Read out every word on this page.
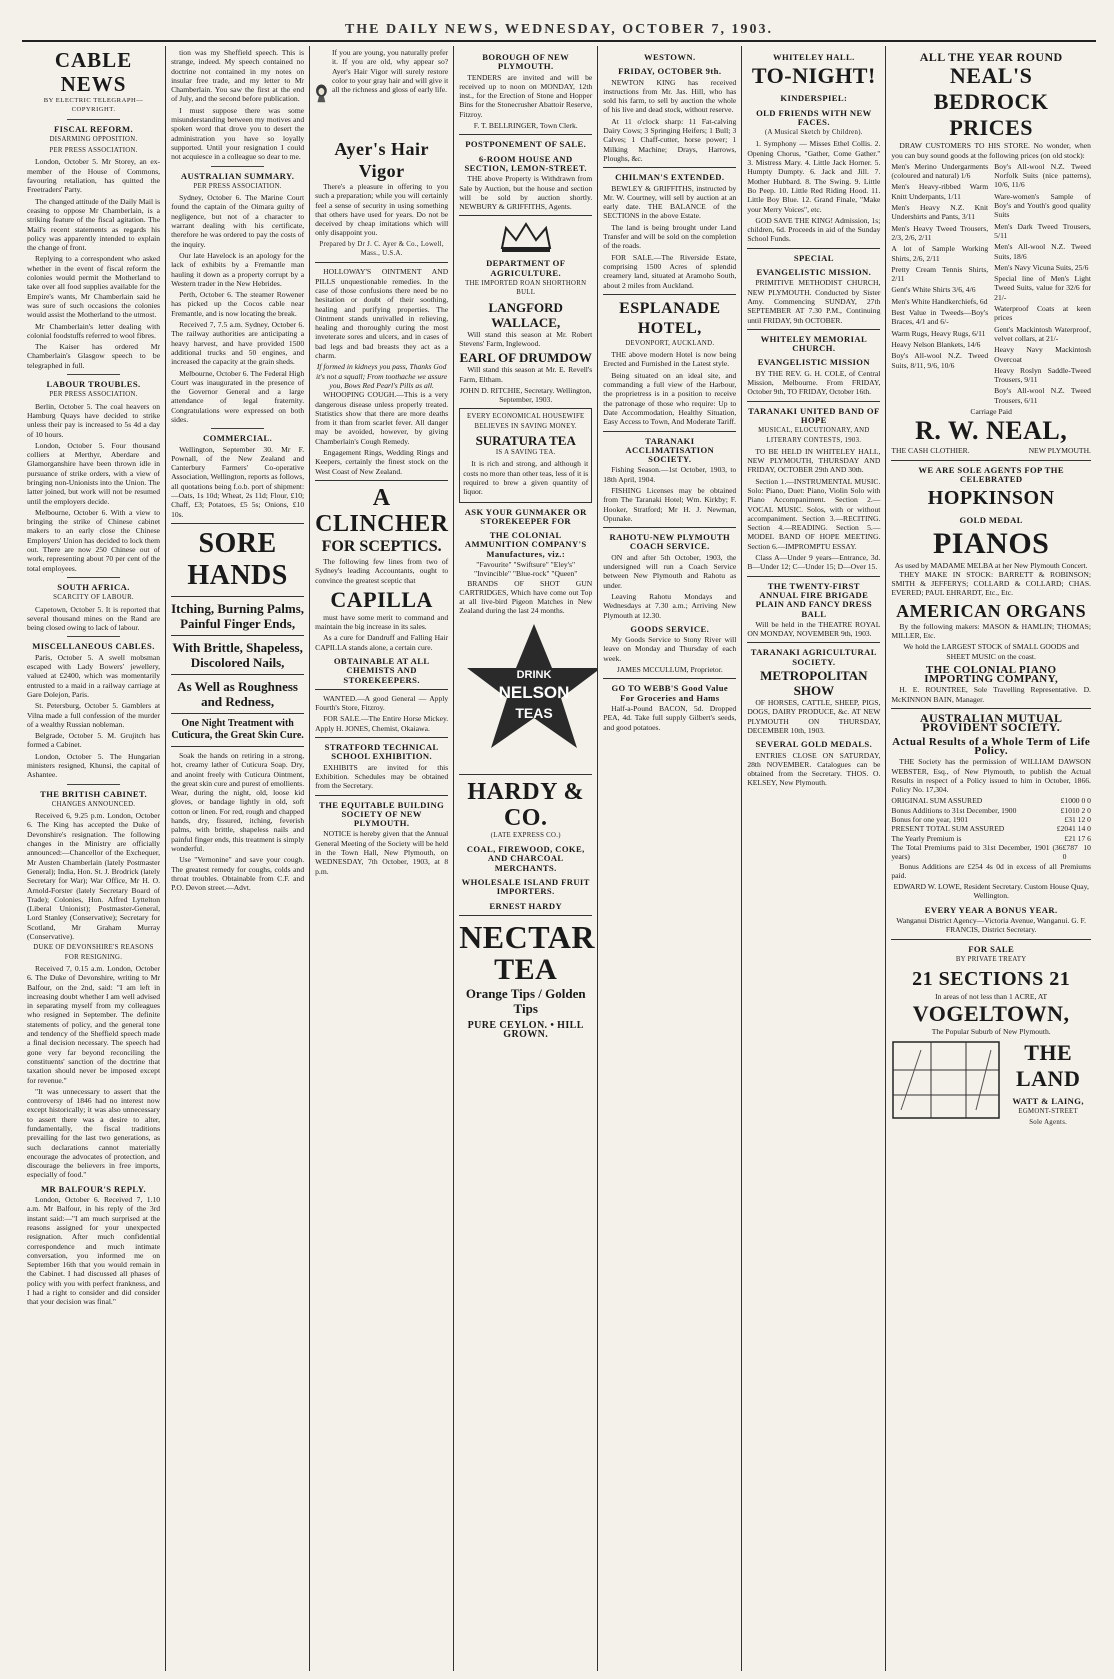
THE DAILY NEWS, WEDNESDAY, OCTOBER 7, 1903.
CABLE NEWS
BY ELECTRIC TELEGRAPH—COPYRIGHT.
FISCAL REFORM.
DISARMING OPPOSITION.
PER PRESS ASSOCIATION.
London, October 5. Mr Storey, an ex-member of the House of Commons, favouring retaliation, has quitted the Freetraders' Party.
The changed attitude of the Daily Mail is ceasing to oppose Mr Chamberlain, is a striking feature of the fiscal agitation. The Mail's recent statements as regards his policy was apparently intended to explain the change of front.
Replying to a correspondent who asked whether in the event of fiscal reform the colonies would permit the Motherland to take over all food supplies available for the Empire's wants, Mr Chamberlain said he was sure of such occasions the colonies would assist the Motherland to the utmost.
Mr Chamberlain's letter dealing with colonial foodstuffs referred to wool fibres.
The Kaiser has ordered Mr Chamberlain's Glasgow speech to be telegraphed in full.
LABOUR TROUBLES.
PER PRESS ASSOCIATION.
Berlin, October 5. The coal heavers on Hamburg Quays have decided to strike unless their pay is increased to 5s 4d a day of 10 hours.
London, October 5. Four thousand colliers at Merthyr, Aberdare and Glamorganshire have been thrown idle in pursuance of strike orders, with a view of bringing non-Unionists into the Union. The latter joined, but work will not be resumed until the employers decide.
Melbourne, October 6. With a view to bringing the strike of Chinese cabinet makers to an early close the Chinese Employers' Union has decided to lock them out. There are now 250 Chinese out of work, representing about 70 per cent of the total employees.
SOUTH AFRICA.
SCARCITY OF LABOUR.
Capetown, October 5. It is reported that several thousand mines on the Rand are being closed owing to lack of labour.
MISCELLANEOUS CABLES.
Paris, October 5. A swell mobsman escaped with Lady Bowers' jewellery, valued at £2400, which was momentarily entrusted to a maid in a railway carriage at Gare Dolejon, Paris.
St. Petersburg, October 5. Gamblers at Vilna made a full confession of the murder of a wealthy Russian nobleman.
Belgrade, October 5. M. Grujitch has formed a Cabinet.
London, October 5. The Hungarian ministers resigned, Khunsi, the capital of Ashantee.
THE BRITISH CABINET.
CHANGES ANNOUNCED.
Received 6, 9.25 p.m. London, October 6. The King has accepted the Duke of Devonshire's resignation. The following changes in the Ministry are officially announced:—Chancellor of the Exchequer, Mr Austen Chamberlain (lately Postmaster General); India, Hon. St. J. Brodrick (lately Secretary for War); War Office, Mr H. O. Arnold-Forster (lately Secretary Board of Trade); Colonies, Hon. Alfred Lyttelton (Liberal Unionist); Postmaster-General, Lord Stanley (Conservative); Secretary for Scotland, Mr Graham Murray (Conservative).
DUKE OF DEVONSHIRE'S REASONS FOR RESIGNING.
Received 7, 0.15 a.m. London, October 6. The Duke of Devonshire, writing to Mr Balfour, on the 2nd, said: "I am left in increasing doubt whether I am well advised in separating myself from my colleagues who resigned in September. The definite statements of policy, and the general tone and tendency of the Sheffield speech made a final decision necessary. The speech had gone very far beyond reconciling the constituents' sanction of the doctrine that taxation should never be imposed except for revenue."
"It was unnecessary to assert that the controversy of 1846 had no interest now except historically; it was also unnecessary to assert there was a desire to alter, fundamentally, the fiscal traditions prevailing for the last two generations, as such declarations cannot materially encourage the advocates of protection, and discourage the believers in free imports, especially of food."
MR BALFOUR'S REPLY.
London, October 6. Received 7, 1.10 a.m. Mr Balfour, in his reply of the 3rd instant said:—"I am much surprised at the reasons assigned for your unexpected resignation. After much confidential correspondence and much intimate conversation, you informed me on September 16th that you would remain in the Cabinet. I had discussed all phases of policy with you with perfect frankness, and I had a right to consider and did consider that your decision was final."
tion was my Sheffield speech. This is strange, indeed. My speech contained no doctrine not contained in my notes on insular free trade, and my letter to Mr Chamberlain. You saw the first at the end of July, and the second before publication.
I must suppose there was some misunderstanding between my motives and spoken word that drove you to desert the administration you have so loyally supported. Until your resignation I could not acquiesce in a colleague so dear to me.
AUSTRALIAN SUMMARY.
PER PRESS ASSOCIATION.
Sydney, October 6. The Marine Court found the captain of the Oimara guilty of negligence, but not of a character to warrant dealing with his certificate, therefore he was ordered to pay the costs of the inquiry.
Our late Havelock is an apology for the lack of exhibits by a Fremantle man hauling it down as a property corrupt by a Western trader in the New Hebrides.
Perth, October 6. The steamer Rowener has picked up the Cocos cable near Fremantle, and is now locating the break.
Received 7, 7.5 a.m. Sydney, October 6. The railway authorities are anticipating a heavy harvest, and have provided 1500 additional trucks and 50 engines, and increased the capacity at the grain sheds.
Melbourne, October 6. The Federal High Court was inaugurated in the presence of the Governor General and a large attendance of legal fraternity. Congratulations were expressed on both sides.
COMMERCIAL.
Wellington, September 30. Mr F. Pownall, of the New Zealand and Canterbury Farmers' Co-operative Association, Wellington, reports as follows, all quotations being f.o.b. port of shipment:—Oats, 1s 10d; Wheat, 2s 11d; Flour, £10; Chaff, £3; Potatoes, £5 5s; Onions, £10 10s.
SORE HANDS
Itching, Burning Palms, Painful Finger Ends,
With Brittle, Shapeless, Discolored Nails,
As Well as Roughness and Redness,
One Night Treatment with Cuticura, the Great Skin Cure.
Soak the hands on retiring in a strong, hot, creamy lather of Cuticura Soap. Dry, and anoint freely with Cuticura Ointment, the great skin cure and purest of emollients. Wear, during the night, old, loose kid gloves, or bandage lightly in old, soft cotton or linen. For red, rough and chapped hands, dry, fissured, itching, feverish palms, with brittle, shapeless nails and painful finger ends, this treatment is simply wonderful.
Use "Vernonine" and save your cough. The greatest remedy for coughs, colds and throat troubles. Obtainable from C.F. and P.O. Devon street.—Advt.
If you are young, you naturally prefer it. If you are old, why appear so? Ayer's Hair Vigor will surely restore color to your gray hair and will give it all the richness and gloss of early life.
Ayer's Hair Vigor
There's a pleasure in offering to you such a preparation; while you will certainly feel a sense of security in using something that others have used for years. Do not be deceived by cheap imitations which will only disappoint you.
Prepared by Dr J. C. Ayer & Co., Lowell, Mass., U.S.A.
HOLLOWAY'S OINTMENT AND PILLS unquestionable remedies. In the case of those confusions there need be no hesitation or doubt of their soothing, healing and purifying properties. The Ointment stands unrivalled in relieving, healing and thoroughly curing the most inveterate sores and ulcers, and in cases of bad legs and bad breasts they act as a charm.
If formed in kidneys you pass, Thanks God it's not a squall; From toothache we assure you, Bows Red Pearl's Pills as all.
WHOOPING COUGH.—This is a very dangerous disease unless properly treated. Statistics show that there are more deaths from it than from scarlet fever. All danger may be avoided, however, by giving Chamberlain's Cough Remedy.
Engagement Rings, Wedding Rings and Keepers, certainly the finest stock on the West Coast of New Zealand.
A CLINCHER
FOR SCEPTICS.
The following few lines from two of Sydney's leading Accountants, ought to convince the greatest sceptic that
CAPILLA
must have some merit to command and maintain the big increase in its sales.
As a cure for Dandruff and Falling Hair CAPILLA stands alone, a certain cure.
OBTAINABLE AT ALL CHEMISTS AND STOREKEEPERS.
WANTED.—A good General — Apply Fourth's Store, Fitzroy.
FOR SALE.—The Entire Horse Mickey. Apply H. JONES, Chemist, Okaiawa.
STRATFORD TECHNICAL SCHOOL EXHIBITION.
EXHIBITS are invited for this Exhibition. Schedules may be obtained from the Secretary.
THE EQUITABLE BUILDING SOCIETY OF NEW PLYMOUTH.
NOTICE is hereby given that the Annual General Meeting of the Society will be held in the Town Hall, New Plymouth, on WEDNESDAY, 7th October, 1903, at 8 p.m.
BOROUGH OF NEW PLYMOUTH.
TENDERS are invited and will be received up to noon on MONDAY, 12th inst., for the Erection of Stone and Hopper Bins for the Stonecrusher Abattoir Reserve, Fitzroy.
F. T. BELLRINGER, Town Clerk.
POSTPONEMENT OF SALE.
6-ROOM HOUSE AND SECTION, LEMON-STREET.
THE above Property is Withdrawn from Sale by Auction, but the house and section will be sold by auction shortly. NEWBURY & GRIFFITHS, Agents.
DEPARTMENT OF AGRICULTURE.
THE IMPORTED ROAN SHORTHORN BULL
LANGFORD WALLACE,
Will stand this season at Mr. Robert Stevens' Farm, Inglewood.
EARL OF DRUMDOW
Will stand this season at Mr. E. Revell's Farm, Eltham.
JOHN D. RITCHIE, Secretary. Wellington, September, 1903.
EVERY ECONOMICAL HOUSEWIFE BELIEVES IN SAVING MONEY.
SURATURA TEA
IS A SAVING TEA.
It is rich and strong, and although it costs no more than other teas, less of it is required to brew a given quantity of liquor.
ASK YOUR GUNMAKER OR STOREKEEPER FOR
THE COLONIAL AMMUNITION COMPANY'S Manufactures, viz.:
"Favourite" "Swiftsure" "Eley's" "Invincible" "Blue-rock" "Queen"
BRANDS OF SHOT GUN CARTRIDGES, Which have come out Top at all live-bird Pigeon Matches in New Zealand during the last 24 months.
DRINK
NELSON
TEAS
HARDY & CO.
(LATE EXPRESS CO.)
COAL, FIREWOOD, COKE, AND CHARCOAL MERCHANTS.
WHOLESALE ISLAND FRUIT IMPORTERS.
ERNEST HARDY
NECTAR
TEA
Orange Tips / Golden Tips
PURE CEYLON. • HILL GROWN.
WESTOWN.
FRIDAY, OCTOBER 9th.
NEWTON KING has received instructions from Mr. Jas. Hill, who has sold his farm, to sell by auction the whole of his live and dead stock, without reserve.
At 11 o'clock sharp: 11 Fat-calving Dairy Cows; 3 Springing Heifers; 1 Bull; 3 Calves; 1 Chaff-cutter, horse power; 1 Milking Machine; Drays, Harrows, Ploughs, &c.
CHILMAN'S EXTENDED.
BEWLEY & GRIFFITHS, instructed by Mr. W. Courtney, will sell by auction at an early date. THE BALANCE of the SECTIONS in the above Estate.
The land is being brought under Land Transfer and will be sold on the completion of the roads.
FOR SALE.—The Riverside Estate, comprising 1500 Acres of splendid creamery land, situated at Aramoho South, about 2 miles from Auckland.
ESPLANADE HOTEL,
DEVONPORT, AUCKLAND.
THE above modern Hotel is now being Erected and Furnished in the Latest style.
Being situated on an ideal site, and commanding a full view of the Harbour, the proprietress is in a position to receive the patronage of those who require: Up to Date Accommodation, Healthy Situation, Easy Access to Town, And Moderate Tariff.
TARANAKI ACCLIMATISATION SOCIETY.
Fishing Season.—1st October, 1903, to 18th April, 1904.
FISHING Licenses may be obtained from The Taranaki Hotel; Wm. Kirkby; F. Hooker, Stratford; Mr H. J. Newman, Opunake.
RAHOTU-NEW PLYMOUTH COACH SERVICE.
ON and after 5th October, 1903, the undersigned will run a Coach Service between New Plymouth and Rahotu as under.
Leaving Rahotu Mondays and Wednesdays at 7.30 a.m.; Arriving New Plymouth at 12.30.
GOODS SERVICE.
My Goods Service to Stony River will leave on Monday and Thursday of each week.
JAMES MCCULLUM, Proprietor.
GO TO WEBB'S Good Value For Groceries and Hams
Half-a-Pound BACON, 5d. Dropped PEA, 4d. Take full supply Gilbert's seeds, and good potatoes.
WHITELEY HALL.
TO-NIGHT!
KINDERSPIEL:
OLD FRIENDS WITH NEW FACES.
(A Musical Sketch by Children).
1. Symphony — Misses Ethel Collis. 2. Opening Chorus, "Gather, Come Gather." 3. Mistress Mary. 4. Little Jack Horner. 5. Humpty Dumpty. 6. Jack and Jill. 7. Mother Hubbard. 8. The Swing. 9. Little Bo Peep. 10. Little Red Riding Hood. 11. Little Boy Blue. 12. Grand Finale, "Make your Merry Voices", etc.
GOD SAVE THE KING! Admission, 1s; children, 6d. Proceeds in aid of the Sunday School Funds.
SPECIAL
EVANGELISTIC MISSION.
PRIMITIVE METHODIST CHURCH, NEW PLYMOUTH. Conducted by Sister Amy. Commencing SUNDAY, 27th SEPTEMBER AT 7.30 P.M., Continuing until FRIDAY, 9th OCTOBER.
WHITELEY MEMORIAL CHURCH.
EVANGELISTIC MISSION
BY THE REV. G. H. COLE, of Central Mission, Melbourne. From FRIDAY, October 9th, TO FRIDAY, October 16th.
TARANAKI UNITED BAND OF HOPE
MUSICAL, ELOCUTIONARY, AND LITERARY CONTESTS, 1903.
TO BE HELD IN WHITELEY HALL, NEW PLYMOUTH, THURSDAY AND FRIDAY, OCTOBER 29th AND 30th.
Section 1.—INSTRUMENTAL MUSIC. Solo: Piano, Duet: Piano, Violin Solo with Piano Accompaniment. Section 2.—VOCAL MUSIC. Solos, with or without accompaniment. Section 3.—RECITING. Section 4.—READING. Section 5.—MODEL BAND OF HOPE MEETING. Section 6.—IMPROMPTU ESSAY.
Class A—Under 9 years—Entrance, 3d. B—Under 12; C—Under 15; D—Over 15.
THE TWENTY-FIRST ANNUAL FIRE BRIGADE PLAIN AND FANCY DRESS BALL
Will be held in the THEATRE ROYAL ON MONDAY, NOVEMBER 9th, 1903.
TARANAKI AGRICULTURAL SOCIETY.
METROPOLITAN SHOW
OF HORSES, CATTLE, SHEEP, PIGS, DOGS, DAIRY PRODUCE, &c. AT NEW PLYMOUTH ON THURSDAY, DECEMBER 10th, 1903.
SEVERAL GOLD MEDALS.
ENTRIES CLOSE ON SATURDAY, 28th NOVEMBER. Catalogues can be obtained from the Secretary. THOS. O. KELSEY, New Plymouth.
ALL THE YEAR ROUND
NEAL'S BEDROCK PRICES
DRAW CUSTOMERS TO HIS STORE. No wonder, when you can buy sound goods at the following prices (on old stock):
Men's Merino Undergarments (coloured and natural) 1/6
Men's Heavy-ribbed Warm Knitt Underpants, 1/11
Men's Heavy N.Z. Knit Undershirts and Pants, 3/11
Men's Heavy Tweed Trousers, 2/3, 2/6, 2/11
A lot of Sample Working Shirts, 2/6, 2/11
Pretty Cream Tennis Shirts, 2/11
Gent's White Shirts 3/6, 4/6
Men's White Handkerchiefs, 6d
Best Value in Tweeds—Boy's Braces, 4/1 and 6/-
Warm Rugs, Heavy Rugs, 6/11
Heavy Nelson Blankets, 14/6
Boy's All-wool N.Z. Tweed Suits, 8/11, 9/6, 10/6
Boy's All-wool N.Z. Tweed Norfolk Suits (nice patterns), 10/6, 11/6
Ware-women's Sample of Boy's and Youth's good quality Suits
Men's Dark Tweed Trousers, 5/11
Men's All-wool N.Z. Tweed Suits, 18/6
Men's Navy Vicuna Suits, 25/6
Special line of Men's Light Tweed Suits, value for 32/6 for 21/-
Waterproof Coats at keen prices
Gent's Mackintosh Waterproof, velvet collars, at 21/-
Heavy Navy Mackintosh Overcoat
Heavy Roslyn Saddle-Tweed Trousers, 9/11
Boy's All-wool N.Z. Tweed Trousers, 6/11
Carriage Paid
R. W. NEAL,
THE CASH CLOTHIER.	NEW PLYMOUTH.
WE ARE SOLE AGENTS FOP THE CELEBRATED
HOPKINSON
GOLD MEDAL
PIANOS
As used by MADAME MELBA at her New Plymouth Concert.
THEY MAKE IN STOCK: BARRETT & ROBINSON; SMITH & JEFFERYS; COLLARD & COLLARD; CHAS. EVERED; PAUL EHRARDT, Etc., Etc.
AMERICAN ORGANS
By the following makers: MASON & HAMLIN; THOMAS; MILLER, Etc.
We hold the LARGEST STOCK of SMALL GOODS and SHEET MUSIC on the coast.
THE COLONIAL PIANO IMPORTING COMPANY,
H. E. ROUNTREE, Sole Travelling Representative. D. McKINNON BAIN, Manager.
AUSTRALIAN MUTUAL PROVIDENT SOCIETY.
Actual Results of a Whole Term of Life Policy.
THE Society has the permission of WILLIAM DAWSON WEBSTER, Esq., of New Plymouth, to publish the Actual Results in respect of a Policy issued to him in October, 1866. Policy No. 17,304.
ORIGINAL SUM ASSURED	£1000 0 0
Bonus Additions to 31st December, 1900	£1010 2 0
Bonus for one year, 1901	£31 12 0
PRESENT TOTAL SUM ASSURED	£2041 14 0
The Yearly Premium is	£21 17 6
The Total Premiums paid to 31st December, 1901 (36 years)
£787 10 0
Bonus Additions are £254 4s 0d in excess of all Premiums paid.
EDWARD W. LOWE, Resident Secretary. Custom House Quay, Wellington.
EVERY YEAR A BONUS YEAR.
Wanganui District Agency—Victoria Avenue, Wanganui. G. F. FRANCIS, District Secretary.
FOR SALE
BY PRIVATE TREATY
21 SECTIONS 21
In areas of not less than 1 ACRE, AT
VOGELTOWN,
The Popular Suburb of New Plymouth.
THE LAND
WATT & LAING,
EGMONT-STREET
Sole Agents.
